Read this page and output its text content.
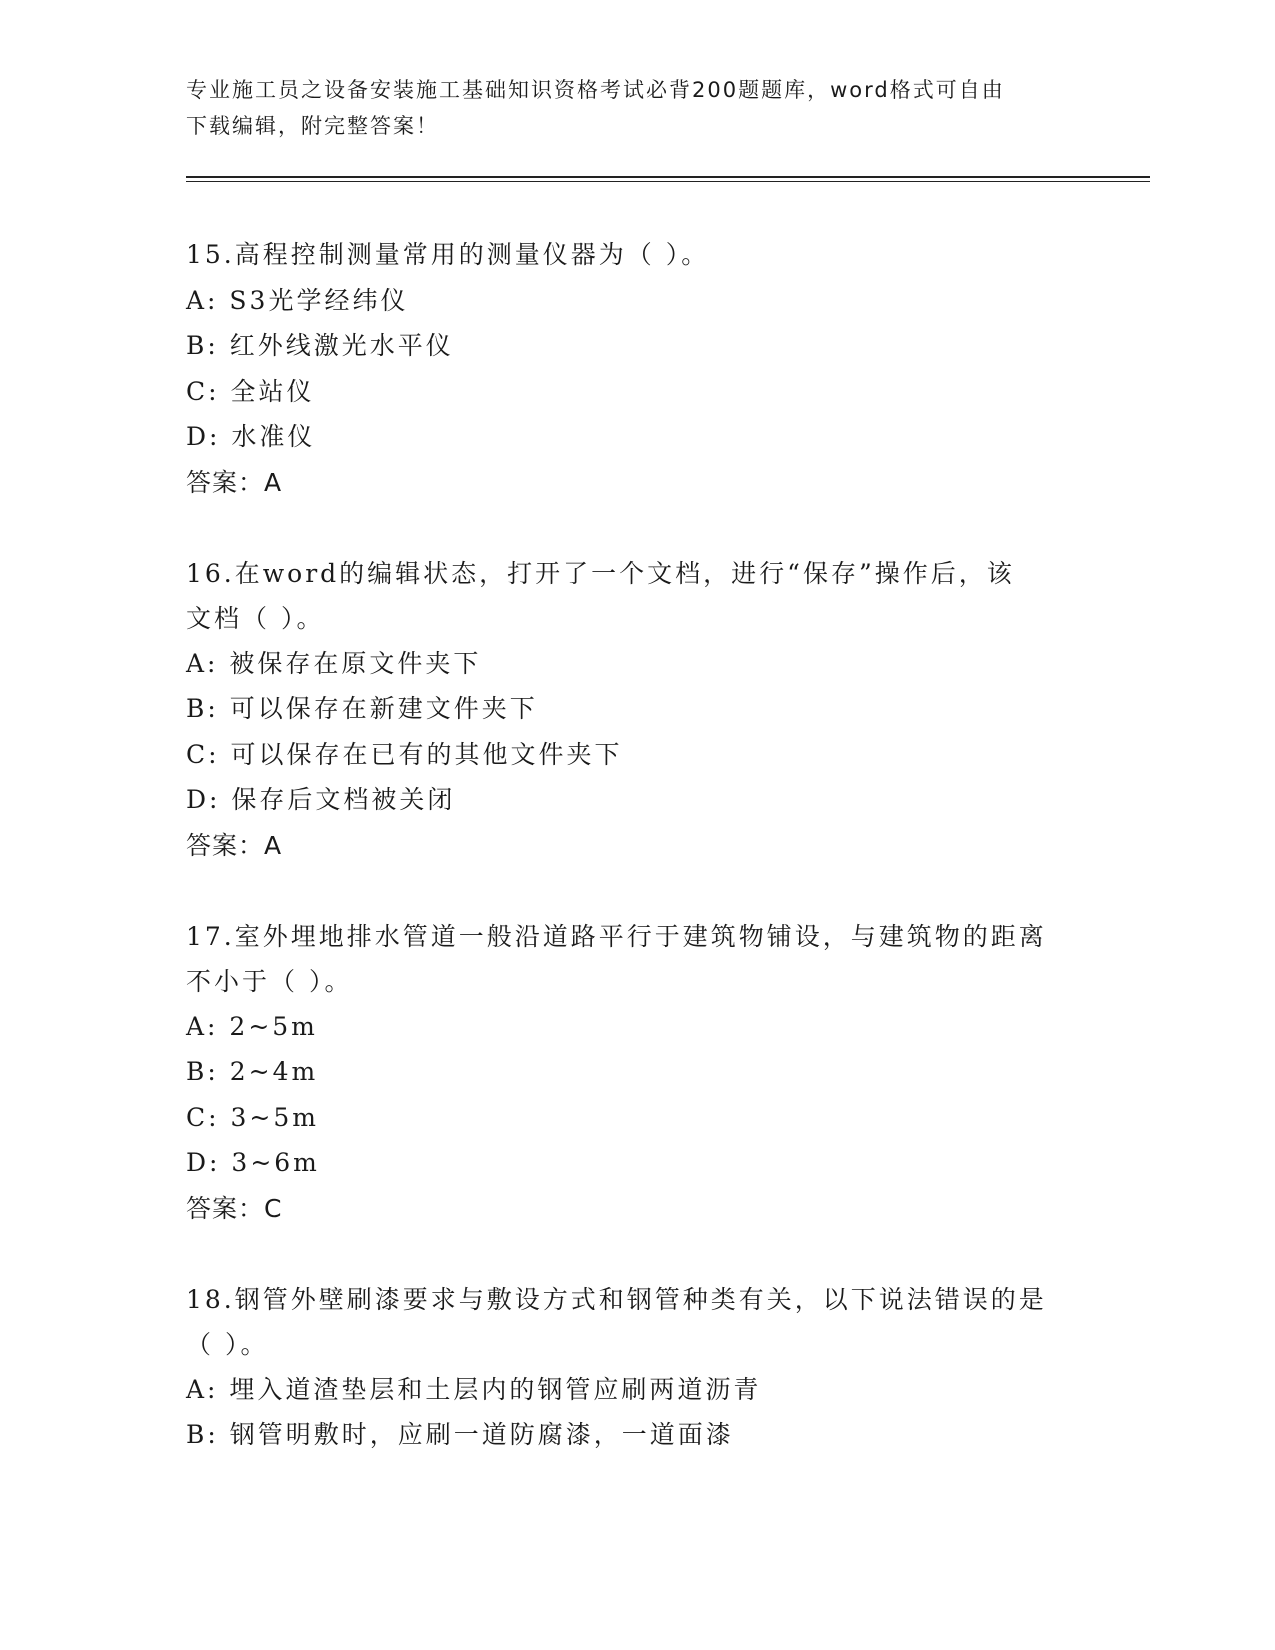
专业施工员之设备安装施工基础知识资格考试必背200题题库，word格式可自由
下载编辑，附完整答案！
15.高程控制测量常用的测量仪器为（ ）。
A: S3光学经纬仪
B: 红外线激光水平仪
C: 全站仪
D: 水准仪
答案：A
16.在word的编辑状态，打开了一个文档，进行“保存”操作后，该
文档（ ）。
A: 被保存在原文件夹下
B: 可以保存在新建文件夹下
C: 可以保存在已有的其他文件夹下
D: 保存后文档被关闭
答案：A
17.室外埋地排水管道一般沿道路平行于建筑物铺设，与建筑物的距离
不小于（ ）。
A: 2~5m
B: 2~4m
C: 3~5m
D: 3~6m
答案：C
18.钢管外壁刷漆要求与敷设方式和钢管种类有关，以下说法错误的是
（ ）。
A: 埋入道渣垫层和土层内的钢管应刷两道沥青
B: 钢管明敷时，应刷一道防腐漆，一道面漆
